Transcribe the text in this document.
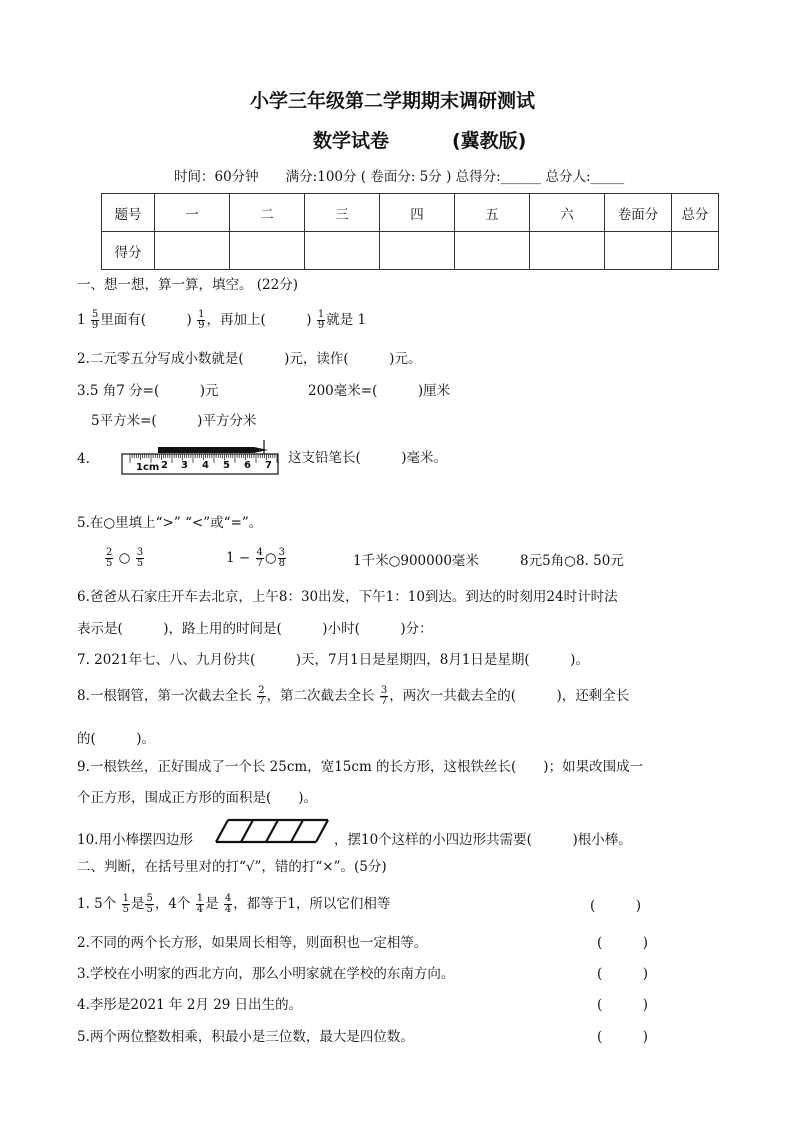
小学三年级第二学期期末调研测试
数学试卷	(冀教版)
时间：60分钟　　满分:100分 ( 卷面分: 5分 ) 总得分:______ 总分人:_____
题号	一	二	三	四	五	六	卷面分	总分
得分								
一、想一想，算一算，填空。 (22分)
$1 \frac{5}{9}$ 里面有(　　　) $\frac{1}{9}$ ，再加上(　　　) $\frac{1}{9}$ 就是 1
2.二元零五分写成小数就是(　　　)元，读作(　　　)元。
3.5 角7 分=(　　　)元	200毫米=(　　　)厘米
5平方米=(　　　)平方分米
4.
1cm 2 3 4 5 6 7 这支铅笔长(　　　)毫米。
5.在○里填上“>” “<”或“=”。
$\frac{2}{5}$ ○ $\frac{3}{5}$	$1 - \frac{4}{7}$ ○ $\frac{3}{8}$	1千米○900000毫米	8元5角○8. 50元
6.爸爸从石家庄开车去北京，上午8：30出发，下午1：10到达。到达的时刻用24时计时法
表示是(　　　)，路上用的时间是(　　　)小时(　　　)分：
7. 2021年七、八、九月份共(　　　)天，7月1日是星期四，8月1日是星期(　　　)。
8.一根钢管，第一次截去全长 $\frac{2}{7}$ ，第二次截去全长 $\frac{3}{7}$ ，两次一共截去全的(　　　)，还剩全长
的(　　　)。
9.一根铁丝，正好围成了一个长 25cm，宽15cm 的长方形，这根铁丝长(　　)；如果改围成一
个正方形，围成正方形的面积是(　　)。
10.用小棒摆四边形	，摆10个这样的小四边形共需要(　　　)根小棒。
二、判断，在括号里对的打“√”，错的打“×”。(5分)
1. 5个 $\frac{1}{5}$ 是 $\frac{5}{5}$ ，4个 $\frac{1}{4}$ 是 $\frac{4}{4}$ ，都等于1，所以它们相等	(　　　)
2.不同的两个长方形，如果周长相等，则面积也一定相等。	(　　　)
3.学校在小明家的西北方向，那么小明家就在学校的东南方向。	(　　　)
4.李彤是2021 年 2月 29 日出生的。	(　　　)
5.两个两位整数相乘，积最小是三位数，最大是四位数。	(　　　)
